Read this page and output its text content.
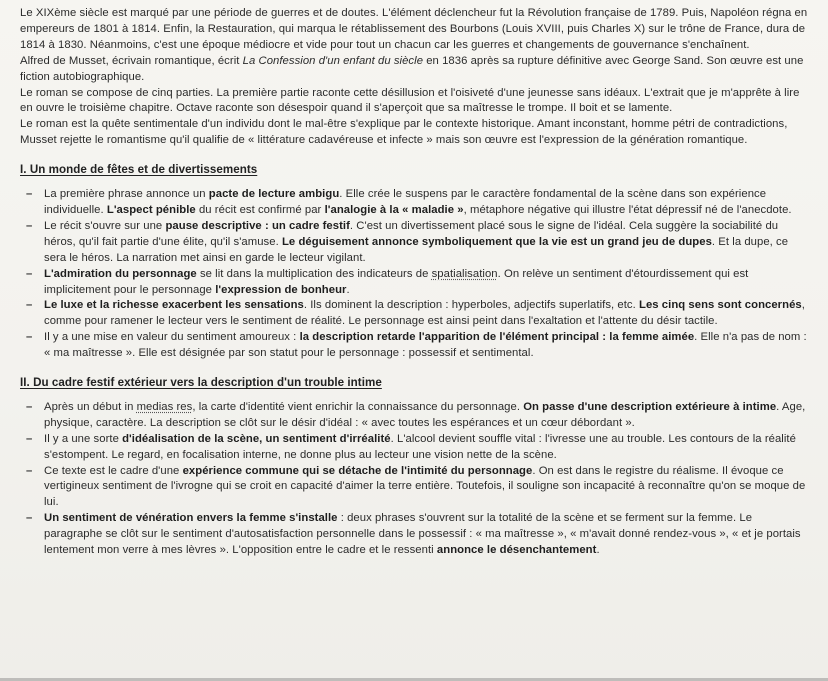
Le XIXème siècle est marqué par une période de guerres et de doutes. L'élément déclencheur fut la Révolution française de 1789. Puis, Napoléon régna en empereurs de 1801 à 1814. Enfin, la Restauration, qui marqua le rétablissement des Bourbons (Louis XVIII, puis Charles X) sur le trône de France, dura de 1814 à 1830. Néanmoins, c'est une époque médiocre et vide pour tout un chacun car les guerres et changements de gouvernance s'enchaînent.

Alfred de Musset, écrivain romantique, écrit La Confession d'un enfant du siècle en 1836 après sa rupture définitive avec George Sand. Son œuvre est une fiction autobiographique.

Le roman se compose de cinq parties. La première partie raconte cette désillusion et l'oisiveté d'une jeunesse sans idéaux. L'extrait que je m'apprête à lire en ouvre le troisième chapitre. Octave raconte son désespoir quand il s'aperçoit que sa maîtresse le trompe. Il boit et se lamente.

Le roman est la quête sentimentale d'un individu dont le mal-être s'explique par le contexte historique. Amant inconstant, homme pétri de contradictions, Musset rejette le romantisme qu'il qualifie de « littérature cadavéreuse et infecte » mais son œuvre est l'expression de la génération romantique.

I. Un monde de fêtes et de divertissements
– La première phrase annonce un pacte de lecture ambigu. Elle crée le suspens par le caractère fondamental de la scène dans son expérience individuelle. L'aspect pénible du récit est confirmé par l'analogie à la « maladie », métaphore négative qui illustre l'état dépressif né de l'anecdote.
– Le récit s'ouvre sur une pause descriptive : un cadre festif. C'est un divertissement placé sous le signe de l'idéal. Cela suggère la sociabilité du héros, qu'il fait partie d'une élite, qu'il s'amuse. Le déguisement annonce symboliquement que la vie est un grand jeu de dupes. Et la dupe, ce sera le héros. La narration met ainsi en garde le lecteur vigilant.
– L'admiration du personnage se lit dans la multiplication des indicateurs de spatialisation. On relève un sentiment d'étourdissement qui est implicitement pour le personnage l'expression de bonheur.
– Le luxe et la richesse exacerbent les sensations. Ils dominent la description : hyperboles, adjectifs superlatifs, etc. Les cinq sens sont concernés, comme pour ramener le lecteur vers le sentiment de réalité. Le personnage est ainsi peint dans l'exaltation et l'attente du désir tactile.
– Il y a une mise en valeur du sentiment amoureux : la description retarde l'apparition de l'élément principal : la femme aimée. Elle n'a pas de nom : « ma maîtresse ». Elle est désignée par son statut pour le personnage : possessif et sentimental.
II. Du cadre festif extérieur vers la description d'un trouble intime
– Après un début in medias res, la carte d'identité vient enrichir la connaissance du personnage. On passe d'une description extérieure à intime. Age, physique, caractère. La description se clôt sur le désir d'idéal : « avec toutes les espérances et un cœur débordant ».
– Il y a une sorte d'idéalisation de la scène, un sentiment d'irréalité. L'alcool devient souffle vital : l'ivresse une au trouble. Les contours de la réalité s'estompent. Le regard, en focalisation interne, ne donne plus au lecteur une vision nette de la scène.
– Ce texte est le cadre d'une expérience commune qui se détache de l'intimité du personnage. On est dans le registre du réalisme. Il évoque ce vertigineux sentiment de l'ivrogne qui se croit en capacité d'aimer la terre entière. Toutefois, il souligne son incapacité à reconnaître qu'on se moque de lui.
– Un sentiment de vénération envers la femme s'installe : deux phrases s'ouvrent sur la totalité de la scène et se ferment sur la femme. Le paragraphe se clôt sur le sentiment d'autosatisfaction personnelle dans le possessif : « ma maîtresse », « m'avait donné rendez-vous », « et je portais lentement mon verre à mes lèvres ». L'opposition entre le cadre et le ressenti annonce le désenchantement.
